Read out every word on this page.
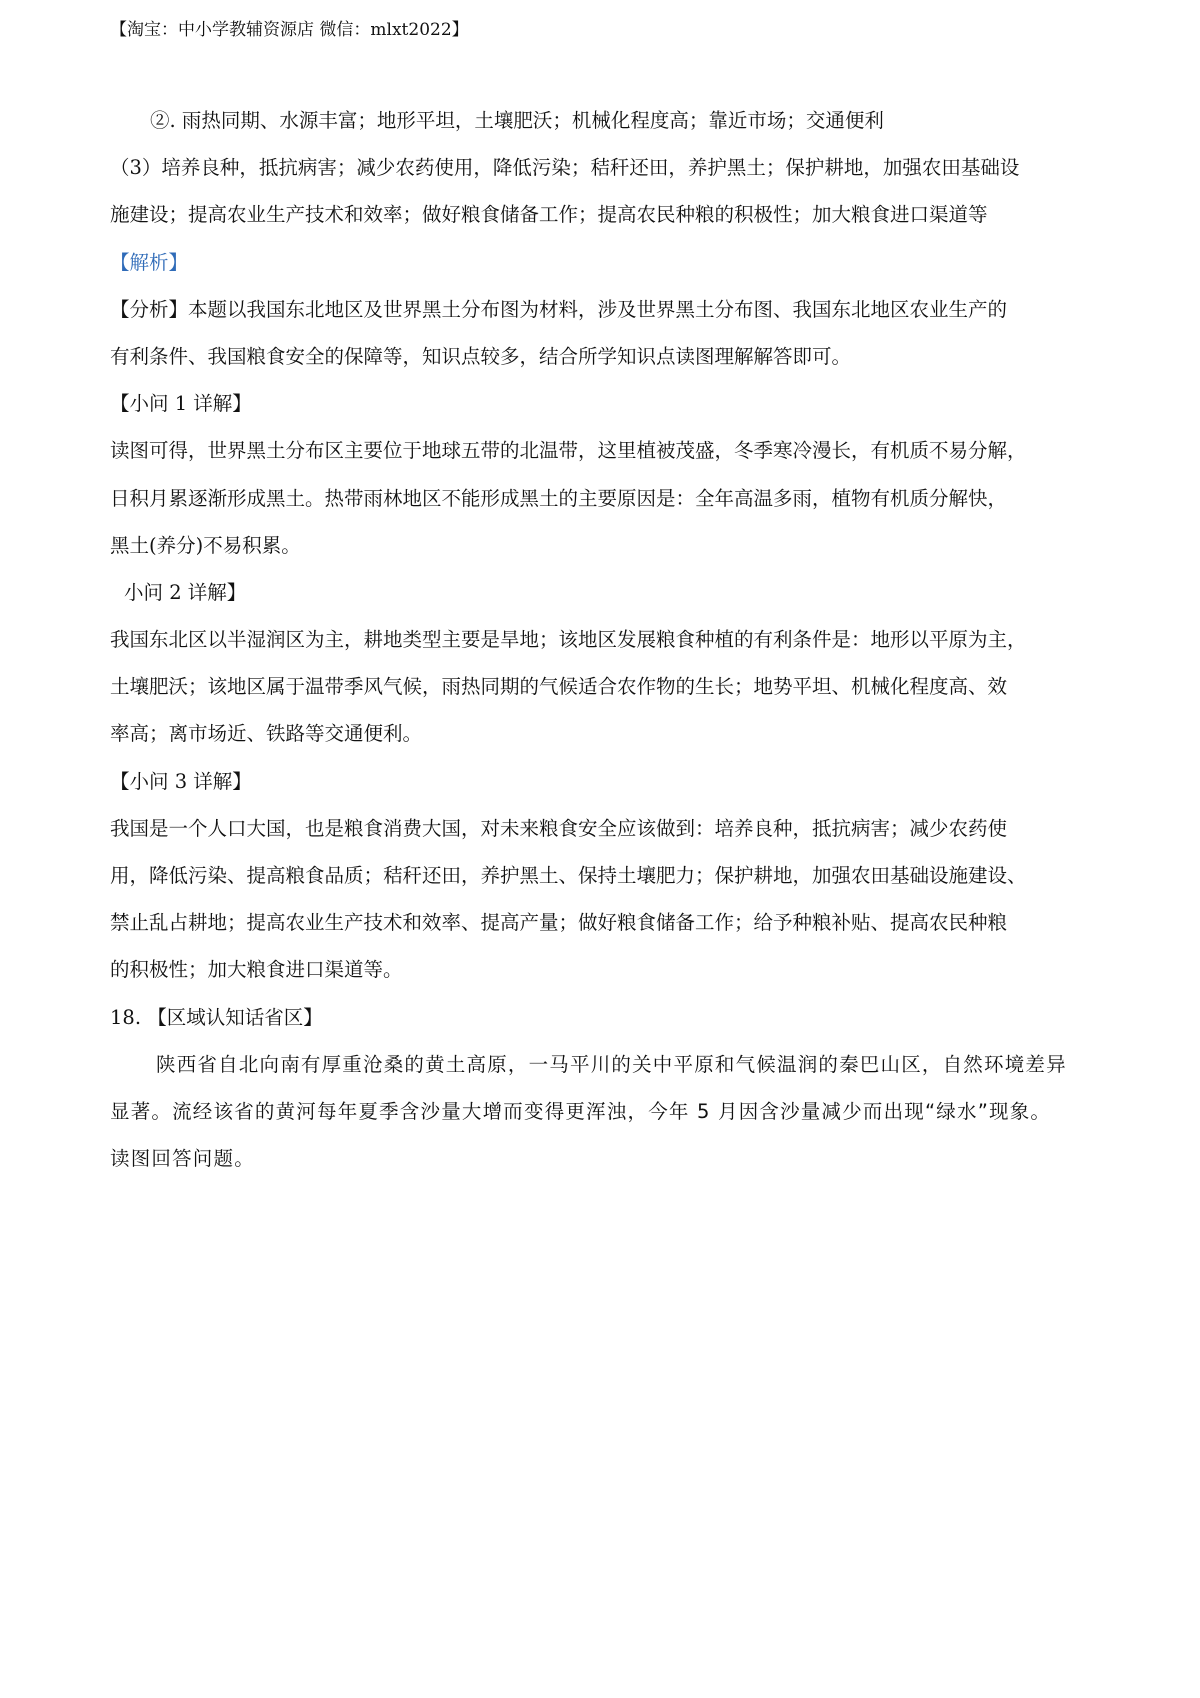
【淘宝：中小学教辅资源店 微信：mlxt2022】
②. 雨热同期、水源丰富；地形平坦，土壤肥沃；机械化程度高；靠近市场；交通便利
（3）培养良种，抵抗病害；减少农药使用，降低污染；秸秆还田，养护黑土；保护耕地，加强农田基础设
施建设；提高农业生产技术和效率；做好粮食储备工作；提高农民种粮的积极性；加大粮食进口渠道等
【解析】
【分析】本题以我国东北地区及世界黑土分布图为材料，涉及世界黑土分布图、我国东北地区农业生产的
有利条件、我国粮食安全的保障等，知识点较多，结合所学知识点读图理解解答即可。
【小问 1 详解】
读图可得，世界黑土分布区主要位于地球五带的北温带，这里植被茂盛，冬季寒冷漫长，有机质不易分解，
日积月累逐渐形成黑土。热带雨林地区不能形成黑土的主要原因是：全年高温多雨，植物有机质分解快，
黑土(养分)不易积累。
小问 2 详解】
我国东北区以半湿润区为主，耕地类型主要是旱地；该地区发展粮食种植的有利条件是：地形以平原为主，
土壤肥沃；该地区属于温带季风气候，雨热同期的气候适合农作物的生长；地势平坦、机械化程度高、效
率高；离市场近、铁路等交通便利。
【小问 3 详解】
我国是一个人口大国，也是粮食消费大国，对未来粮食安全应该做到：培养良种，抵抗病害；减少农药使
用，降低污染、提高粮食品质；秸秆还田，养护黑土、保持土壤肥力；保护耕地，加强农田基础设施建设、
禁止乱占耕地；提高农业生产技术和效率、提高产量；做好粮食储备工作；给予种粮补贴、提高农民种粮
的积极性；加大粮食进口渠道等。
18. 【区域认知话省区】
陕西省自北向南有厚重沧桑的黄土高原，一马平川的关中平原和气候温润的秦巴山区，自然环境差异
显著。流经该省的黄河每年夏季含沙量大增而变得更浑浊，今年 5 月因含沙量减少而出现“绿水”现象。
读图回答问题。
